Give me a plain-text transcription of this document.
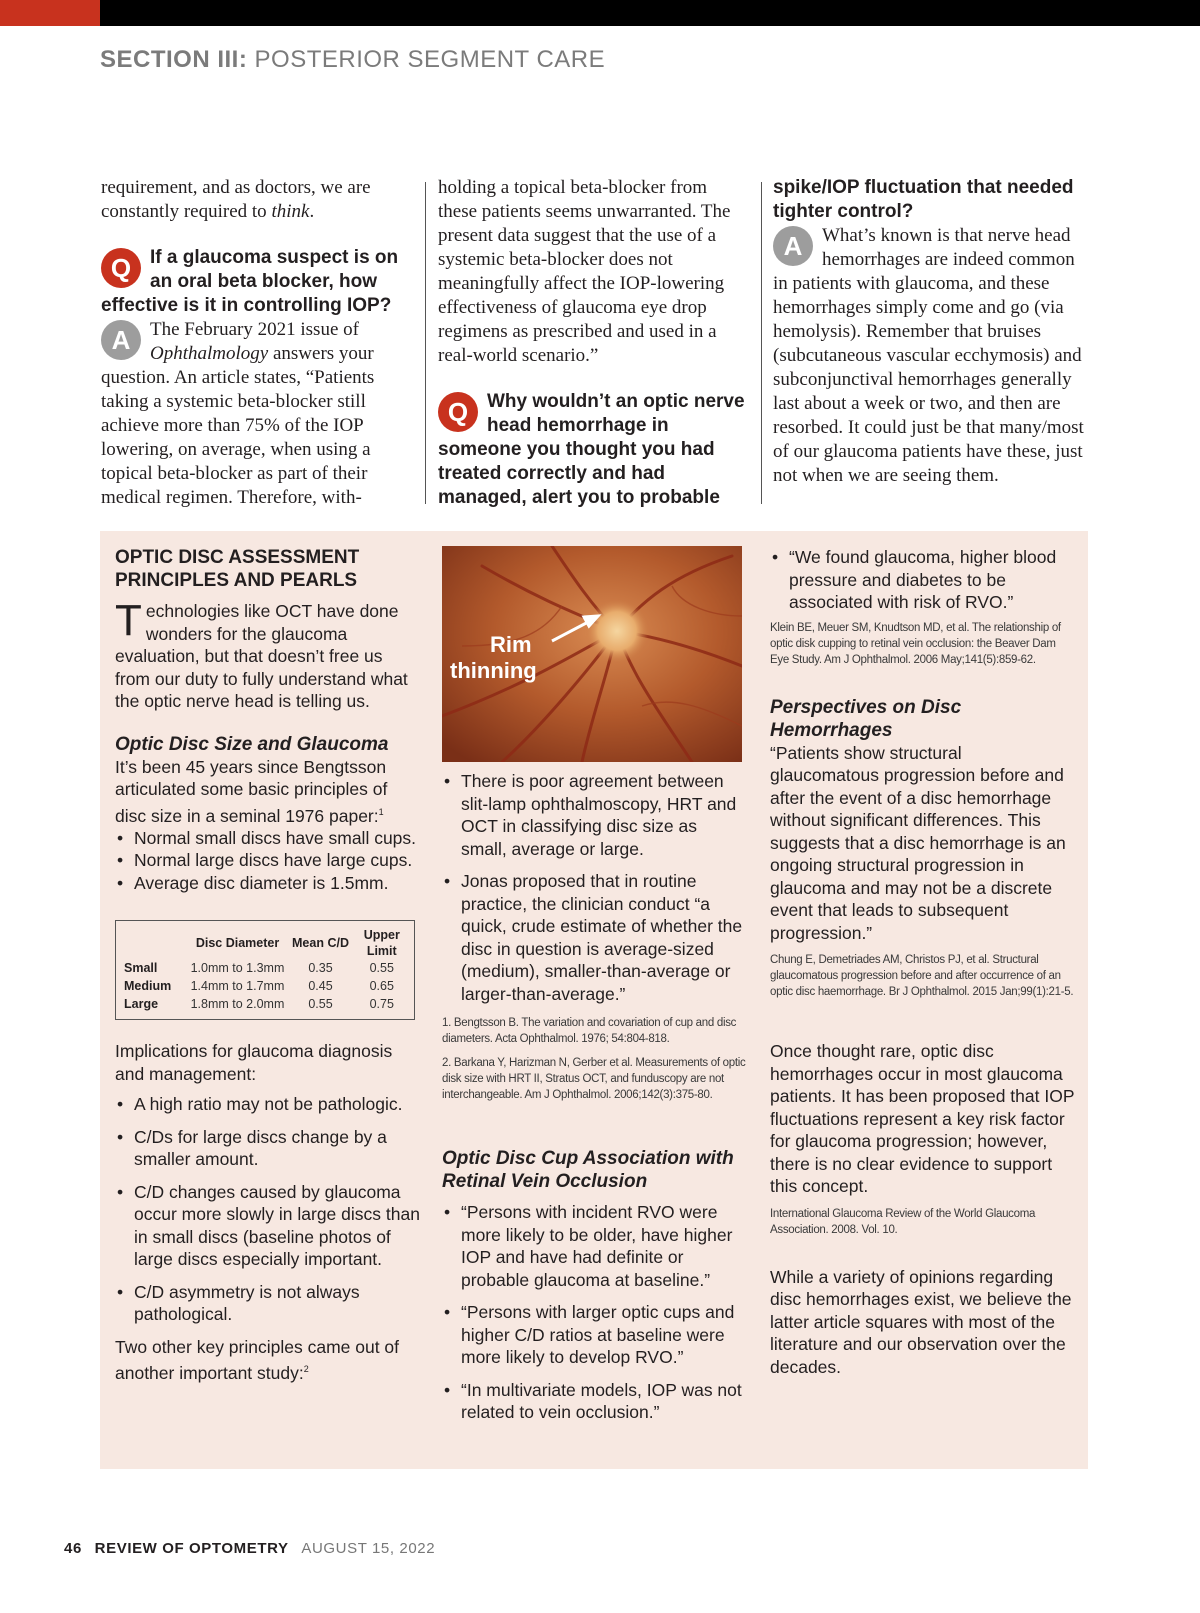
SECTION III: POSTERIOR SEGMENT CARE

requirement, and as doctors, we are constantly required to think.

Q If a glaucoma suspect is on an oral beta blocker, how effective is it in controlling IOP?

A	The February 2021 issue of Ophthalmology answers your question. An article states, “Patients taking a systemic beta-blocker still achieve more than 75% of the IOP lowering, on average, when using a topical beta-blocker as part of their medical regimen. Therefore, with-

holding a topical beta-blocker from these patients seems unwarranted. The present data suggest that the use of a systemic beta-blocker does not meaningfully affect the IOP-lowering effectiveness of glaucoma eye drop regimens as prescribed and used in a real-world scenario.”

Q Why wouldn’t an optic nerve head hemorrhage in someone you thought you had treated correctly and had managed, alert you to probable
spike/IOP fluctuation that needed tighter control?

A	What’s known is that nerve head hemorrhages are indeed common in patients with glaucoma, and these hemorrhages simply come and go (via hemolysis). Remember that bruises (subcutaneous vascular ecchymosis) and subconjunctival hemorrhages generally last about a week or two, and then are resorbed. It could just be that many/most of our glaucoma patients have these, just not when we are seeing them.

OPTIC DISC ASSESSMENT PRINCIPLES AND PEARLS

Technologies like OCT have done wonders for the glaucoma evaluation, but that doesn’t free us from our duty to fully understand what the optic nerve head is telling us.

Optic Disc Size and Glaucoma

It’s been 45 years since Bengtsson articulated some basic principles of disc size in a seminal 1976 paper:$^1$

• Normal small discs have small cups.
• Normal large discs have large cups.
• Average disc diameter is 1.5mm.
	Disc Diameter	Mean C/D	Upper Limit
Small	1.0mm to 1.3mm	0.35	0.55
Medium	1.4mm to 1.7mm	0.45	0.65
Large	1.8mm to 2.0mm	0.55	0.75

Implications for glaucoma diagnosis and management:

• A high ratio may not be pathologic.
• C/Ds for large discs change by a smaller amount.
• C/D changes caused by glaucoma occur more slowly in large discs than in small discs (baseline photos of large discs especially important.
• C/D asymmetry is not always pathological.

Two other key principles came out of another important study:$^2$

Rim
thinning
• There is poor agreement between slit-lamp ophthalmoscopy, HRT and OCT in classifying disc size as small, average or large.
• Jonas proposed that in routine practice, the clinician conduct “a quick, crude estimate of whether the disc in question is average-sized (medium), smaller-than-average or larger-than-average.”

1. Bengtsson B. The variation and covariation of cup and disc diameters. Acta Ophthalmol. 1976; 54:804-818.

2. Barkana Y, Harizman N, Gerber et al. Measurements of optic disk size with HRT II, Stratus OCT, and funduscopy are not interchangeable. Am J Ophthalmol. 2006;142(3):375-80.

Optic Disc Cup Association with Retinal Vein Occlusion
• “Persons with incident RVO were more likely to be older, have higher IOP and have had definite or probable glaucoma at baseline.”
• “Persons with larger optic cups and higher C/D ratios at baseline were more likely to develop RVO.”
• “In multivariate models, IOP was not related to vein occlusion.”
• “We found glaucoma, higher blood pressure and diabetes to be associated with risk of RVO.”

Klein BE, Meuer SM, Knudtson MD, et al. The relationship of optic disk cupping to retinal vein occlusion: the Beaver Dam Eye Study. Am J Ophthalmol. 2006 May;141(5):859-62.

Perspectives on Disc Hemorrhages

“Patients show structural glaucomatous progression before and after the event of a disc hemorrhage without significant differences. This suggests that a disc hemorrhage is an ongoing structural progression in glaucoma and may not be a discrete event that leads to subsequent progression.”

Chung E, Demetriades AM, Christos PJ, et al. Structural glaucomatous progression before and after occurrence of an optic disc haemorrhage. Br J Ophthalmol. 2015 Jan;99(1):21-5.

Once thought rare, optic disc hemorrhages occur in most glaucoma patients. It has been proposed that IOP fluctuations represent a key risk factor for glaucoma progression; however, there is no clear evidence to support this concept.

International Glaucoma Review of the World Glaucoma Association. 2008. Vol. 10.

While a variety of opinions regarding disc hemorrhages exist, we believe the latter article squares with most of the literature and our observation over the decades.

46 REVIEW OF OPTOMETRY AUGUST 15, 2022
